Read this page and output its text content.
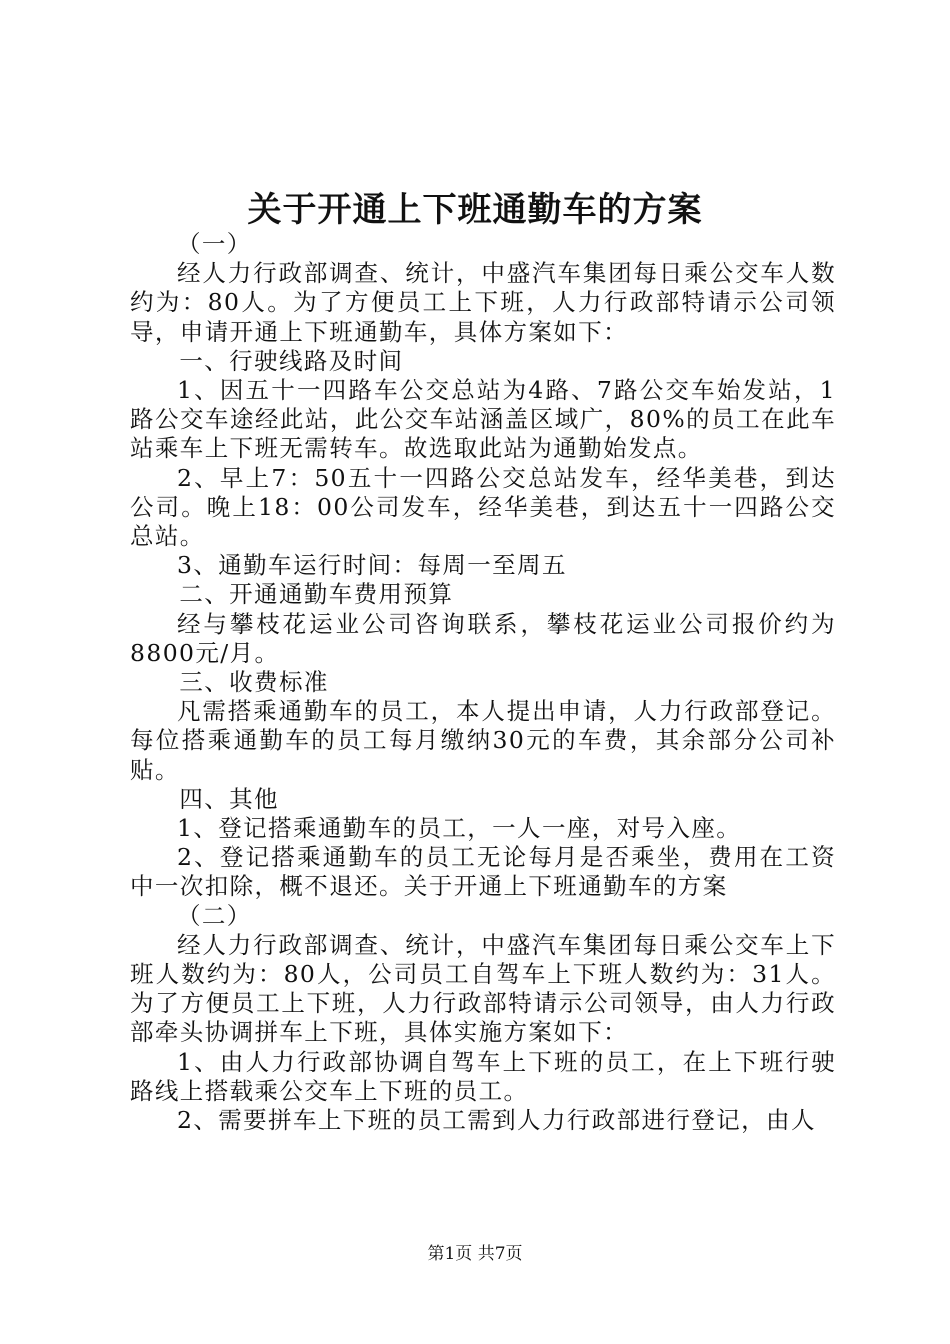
关于开通上下班通勤车的方案

（一）

经人力行政部调查、统计，中盛汽车集团每日乘公交车人数约为：80人。为了方便员工上下班，人力行政部特请示公司领导，申请开通上下班通勤车，具体方案如下：

一、行驶线路及时间

1、因五十一四路车公交总站为4路、7路公交车始发站，1路公交车途经此站，此公交车站涵盖区域广，80%的员工在此车站乘车上下班无需转车。故选取此站为通勤始发点。

2、早上7：50五十一四路公交总站发车，经华美巷，到达公司。晚上18：00公司发车，经华美巷，到达五十一四路公交总站。

3、通勤车运行时间：每周一至周五

二、开通通勤车费用预算

经与攀枝花运业公司咨询联系，攀枝花运业公司报价约为8800元/月。

三、收费标准

凡需搭乘通勤车的员工，本人提出申请，人力行政部登记。每位搭乘通勤车的员工每月缴纳30元的车费，其余部分公司补贴。

四、其他

1、登记搭乘通勤车的员工，一人一座，对号入座。

2、登记搭乘通勤车的员工无论每月是否乘坐，费用在工资中一次扣除，概不退还。关于开通上下班通勤车的方案

（二）

经人力行政部调查、统计，中盛汽车集团每日乘公交车上下班人数约为：80人，公司员工自驾车上下班人数约为：31人。为了方便员工上下班，人力行政部特请示公司领导，由人力行政部牵头协调拼车上下班，具体实施方案如下：

1、由人力行政部协调自驾车上下班的员工，在上下班行驶路线上搭载乘公交车上下班的员工。

2、需要拼车上下班的员工需到人力行政部进行登记，由人

第1页 共7页
